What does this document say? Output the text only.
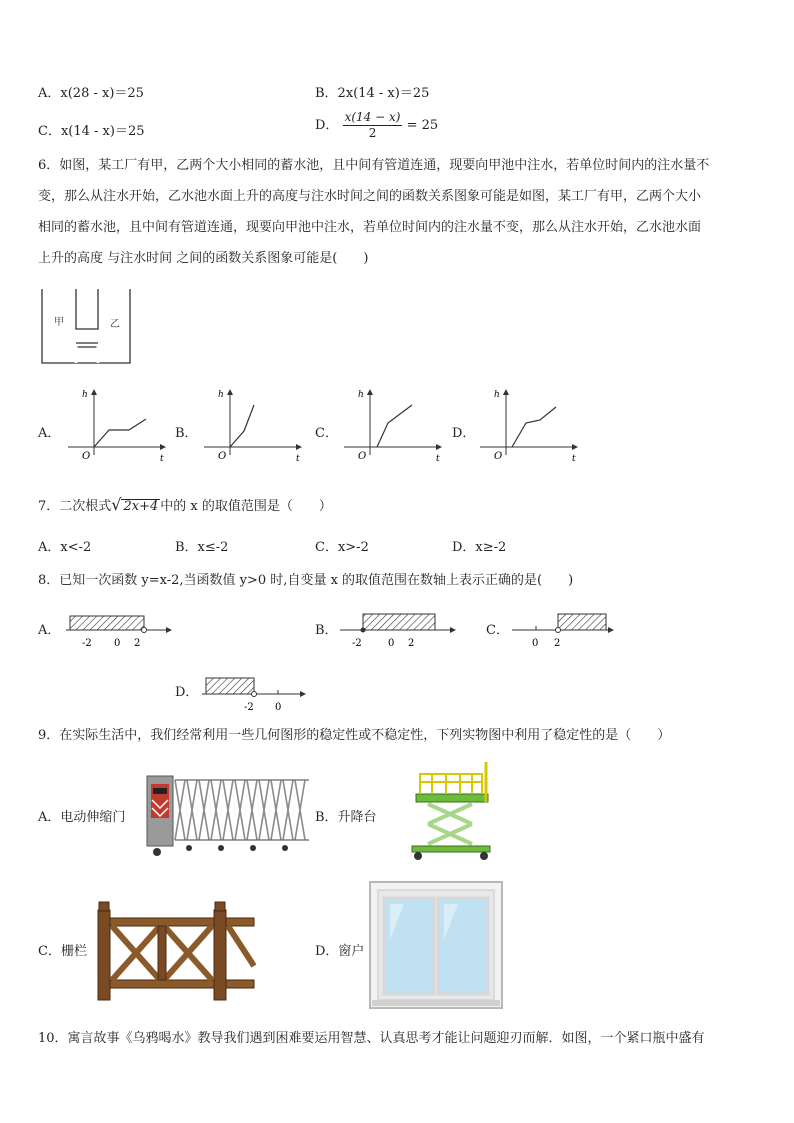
A．x(28 - x)＝25	B．2x(14 - x)＝25
C．x(14 - x)＝25	D． $\frac{x(14 - x)}{2} = 25$
6．如图，某工厂有甲，乙两个大小相同的蓄水池，且中间有管道连通，现要向甲池中注水，若单位时间内的注水量不
变，那么从注水开始，乙水池水面上升的高度与注水时间之间的函数关系图象可能是如图，某工厂有甲，乙两个大小
相同的蓄水池，且中间有管道连通，现要向甲池中注水，若单位时间内的注水量不变，那么从注水开始，乙水池水面
上升的高度 与注水时间 之间的函数关系图象可能是(　　)
甲	乙
A．	B．	C．	D．
h
O	t
h
O	t
h
O	t
h
O	t
7．二次根式√ 2x+4 中的 x 的取值范围是（　　）
A．x<-2	B．x≤-2	C．x>-2	D．x≥-2
8．已知一次函数 y=x-2,当函数值 y>0 时,自变量 x 的取值范围在数轴上表示正确的是(　　)
A．
-2 0 2
B．
-2	0 2
C．
0 2
D．
-2 0
9．在实际生活中，我们经常利用一些几何图形的稳定性或不稳定性，下列实物图中利用了稳定性的是（　　）
A．电动伸缩门	B．升降台
C．栅栏	D．窗户
10．寓言故事《乌鸦喝水》教导我们遇到困难要运用智慧、认真思考才能让问题迎刃而解．如图，一个紧口瓶中盛有
